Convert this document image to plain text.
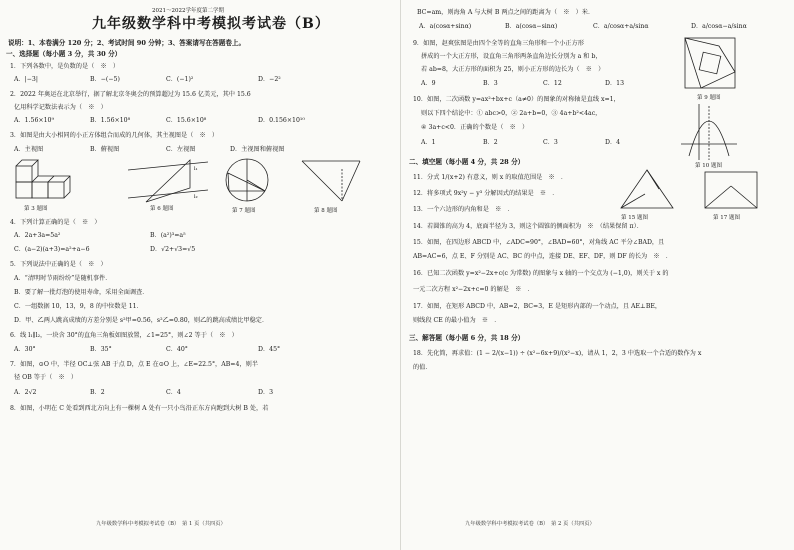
2021～2022学年度第二学期
九年级数学科中考模拟考试卷（B）
说明：1、本卷满分 120 分；2、考试时间 90 分钟；3、答案请写在答题卷上。
一、选择题（每小题 3 分，共 30 分）
1．下列各数中，是负数的是（　※　）
A．|−3|	B．−(−5)	C．(−1)²	D．−2²
2．2022 年奥运在北京举行，据了解北京冬奥会的预算超过为 15.6 亿美元，其中 15.6
亿用科学记数法表示为（　※　）
A．1.56×10⁹	B．1.56×10⁸	C．15.6×10⁸	D．0.156×10¹⁰
3．如图是由大小相同的小正方体组合而成的几何体，其主视图是（　※　）
A．主视图	B．俯视图	C．左视图	D．主视图和俯视图
第 3 题图
l₁
l₂
第 6 题图	第 7 题图	第 8 题图
4．下列计算正确的是（　※　）
A．2a+3a=5a²	B．(a²)³=a⁵
C．(a−2)(a+3)=a²+a−6	D．√2+√3=√5
5．下列说法中正确的是（　※　）
A．“清明时节雨纷纷”是随机事件．
B．要了解一批灯泡的使用寿命，采用全面调查．
C．一组数据 10，13，9，8 的中位数是 11．
D．甲、乙两人跳高成绩的方差分别是 s²甲=0.56，s²乙=0.80，则乙的跳高成绩比甲稳定．
6．线 l₁∥l₂，一块含 30°的直角三角板如图放置，∠1=25°，则∠2 等于（　※　）
A．30°	B．35°	C．40°	D．45°
7．如图，⊙O 中，半径 OC⊥弦 AB 于点 D，点 E 在⊙O 上，∠E=22.5°，AB=4，则半
径 OB 等于（　※　）
A．2√2	B．2	C．4	D．3
8．如图，小明在 C 处看到西北方向上有一棵树 A 处有一只小鸟沿正东方向跑到大树 B 处，若
九年级数学科中考模拟考试卷（B）　第 1 页（共四页）
BC=am，则海角 A 与大树 B 两点之间的距离为（　※　）米．
A．a(cosα+sinα)	B．a(cosα−sinα)	C．a/cosα+a/sinα	D．a/cosα−a/sinα
9．如图，赵爽弦图是由四个全等的直角三角形和一个小正方形
拼成的一个大正方形，设直角三角形两条直角边长分别为 a 和 b，
若 ab=8，大正方形的面积为 25，则小正方形的边长为（　※　）
A．9	B．3	C．12	D．13
第 9 题图
10．如图，二次函数 y=ax²+bx+c（a≠0）的图象的对称轴是直线 x=1，
则以下四个结论中：① abc>0，② 2a+b=0，③ 4a+b²<4ac，
④ 3a+c<0．正确的个数是（　※　）
A．1	B．2	C．3	D．4
第 10 题图
二、填空题（每小题 4 分，共 28 分）
11．分式 1/(x+2) 有意义，则 x 的取值范围是　※　．
12．将多项式 9x²y − y³ 分解因式的结果是　※　．
13．一个六边形的内角和是　※　．
第 15 题图	第 17 题图
14．若圆锥的高为 4，底面半径为 3，则这个圆锥的侧面积为　※　（结果保留 π）．
15．如图，在四边形 ABCD 中，∠ADC=90°，∠BAD=60°，对角线 AC 平分∠BAD，且
AB=AC=6，点 E、F 分别是 AC、BC 的中点，连接 DE、EF、DF，则 DF 的长为　※　．
16．已知二次函数 y=x²−2x+c(c 为常数) 的图象与 x 轴的一个交点为 (−1,0)，则关于 x 的
一元二次方程 x²−2x+c=0 的解是　※　．
17．如图，在矩形 ABCD 中，AB=2，BC=3，E 是矩形内部的一个动点，且 AE⊥BE，
则线段 CE 的最小值为　※　．
三、解答题（每小题 6 分，共 18 分）
18．先化简，再求值：(1 − 2/(x−1)) ÷ (x²−6x+9)/(x²−x)，请从 1，2，3 中选取一个合适的数作为 x
的值．
九年级数学科中考模拟考试卷（B）　第 2 页（共四页）
